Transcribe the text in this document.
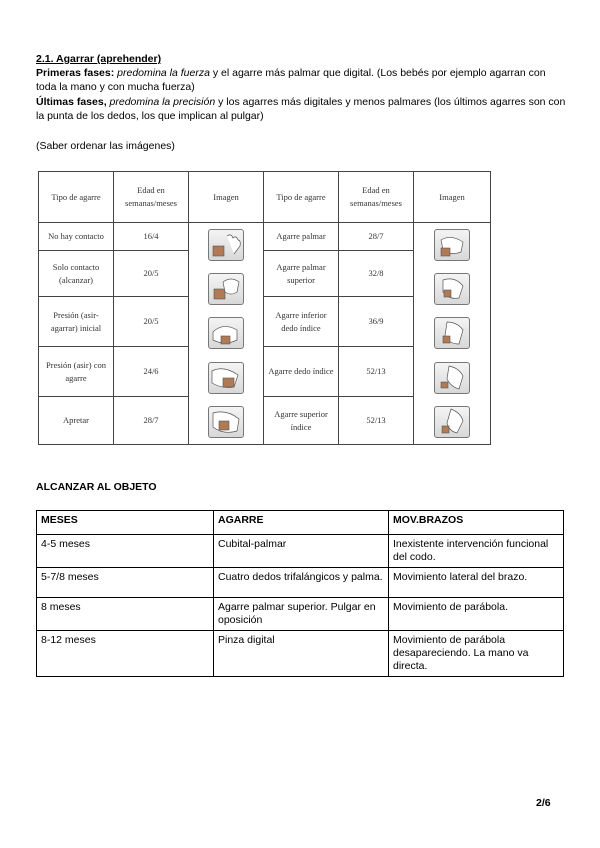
2.1. Agarrar (aprehender)
Primeras fases: predomina la fuerza y el agarre más palmar que digital. (Los bebés por ejemplo agarran con toda la mano y con mucha fuerza)
Últimas fases, predomina la precisión y los agarres más digitales y menos palmares (los últimos agarres son con la punta de los dedos, los que implican al pulgar)
(Saber ordenar las imágenes)
Tipo de agarre	Edad en semanas/meses	Imagen	Tipo de agarre	Edad en semanas/meses	Imagen
No hay contacto	16/4		Agarre palmar	28/7	

Solo contacto (alcanzar)	20/5		Agarre palmar superior	32/8	
Presión (asir-agarrar) inicial	20/5		Agarre inferior dedo índice	36/9	
Presión (asir) con agarre	24/6		Agarre dedo índice	52/13	
Apretar	28/7		Agarre superior índice	52/13	
ALCANZAR AL OBJETO
MESES	AGARRE	MOV.BRAZOS
4-5 meses	Cubital-palmar	Inexistente intervención funcional del codo.
5-7/8 meses	Cuatro dedos trifalángicos y palma.	Movimiento lateral del brazo.
8 meses	Agarre palmar superior. Pulgar en oposición	Movimiento de parábola.
8-12 meses	Pinza digital	Movimiento de parábola desapareciendo. La mano va directa.
2/6
